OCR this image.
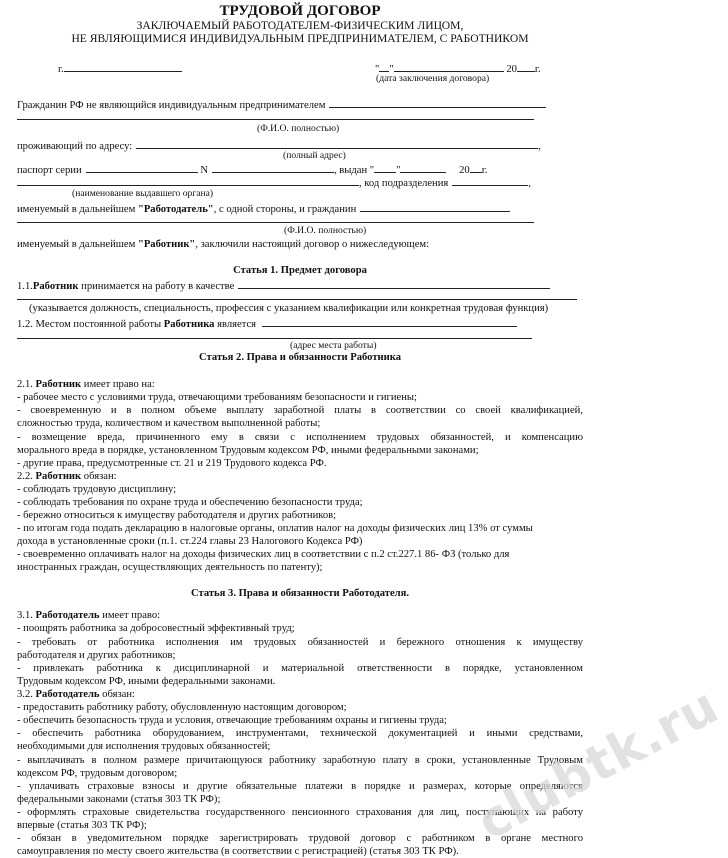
ТРУДОВОЙ ДОГОВОР
ЗАКЛЮЧАЕМЫЙ РАБОТОДАТЕЛЕМ-ФИЗИЧЕСКИМ ЛИЦОМ,
НЕ ЯВЛЯЮЩИМИСЯ ИНДИВИДУАЛЬНЫМ ПРЕДПРИНИМАТЕЛЕМ, С РАБОТНИКОМ
г.	" "	20 г.
(дата заключения договора)
Гражданин РФ не являющийся индивидуальным предпринимателем
(Ф.И.О. полностью)
проживающий по адресу:	,
(полный адрес)
паспорт серии	N	, выдан " "	20 г.
, код подразделения	,
(наименование выдавшего органа)
именуемый в дальнейшем "Работодатель", с одной стороны, и гражданин
(Ф.И.О. полностью)
именуемый в дальнейшем "Работник", заключили настоящий договор о нижеследующем:
Статья 1. Предмет договора
1.1.Работник принимается на работу в качестве
(указывается должность, специальность, профессия с указанием квалификации или конкретная трудовая функция)
1.2. Местом постоянной работы Работника является
(адрес места работы)
Статья 2. Права и обязанности Работника
2.1. Работник имеет право на:
- рабочее место с условиями труда, отвечающими требованиям безопасности и гигиены;
- своевременную и в полном объеме выплату заработной платы в соответствии со своей квалификацией,
сложностью труда, количеством и качеством выполненной работы;
- возмещение вреда, причиненного ему в связи с исполнением трудовых обязанностей, и компенсацию
морального вреда в порядке, установленном Трудовым кодексом РФ, иными федеральными законами;
- другие права, предусмотренные ст. 21 и 219 Трудового кодекса РФ.
2.2. Работник обязан:
- соблюдать трудовую дисциплину;
- соблюдать требования по охране труда и обеспечению безопасности труда;
- бережно относиться к имуществу работодателя и других работников;
- по итогам года подать декларацию в налоговые органы, оплатив налог на доходы физических лиц 13% от суммы
дохода в установленные сроки (п.1. ст.224 главы 23 Налогового Кодекса РФ)
- своевременно оплачивать налог на доходы физических лиц в соответствии с п.2 ст.227.1 86- ФЗ (только для
иностранных граждан, осуществляющих деятельность по патенту);
Статья 3. Права и обязанности Работодателя.
3.1. Работодатель имеет право:
- поощрять работника за добросовестный эффективный труд;
- требовать от работника исполнения им трудовых обязанностей и бережного отношения к имуществу
работодателя и других работников;
- привлекать работника к дисциплинарной и материальной ответственности в порядке, установленном
Трудовым кодексом РФ, иными федеральными законами.
3.2. Работодатель обязан:
- предоставить работнику работу, обусловленную настоящим договором;
- обеспечить безопасность труда и условия, отвечающие требованиям охраны и гигиены труда;
- обеспечить работника оборудованием, инструментами, технической документацией и иными средствами,
необходимыми для исполнения трудовых обязанностей;
- выплачивать в полном размере причитающуюся работнику заработную плату в сроки, установленные Трудовым
кодексом РФ, трудовым договором;
- уплачивать страховые взносы и другие обязательные платежи в порядке и размерах, которые определяются
федеральными законами (статья 303 ТК РФ);
- оформлять страховые свидетельства государственного пенсионного страхования для лиц, поступающих на работу
впервые (статья 303 ТК РФ);
- обязан в уведомительном порядке зарегистрировать трудовой договор с работником в органе местного
самоуправления по месту своего жительства (в соответствии с регистрацией) (статья 303 ТК РФ).
clubtk.ru
